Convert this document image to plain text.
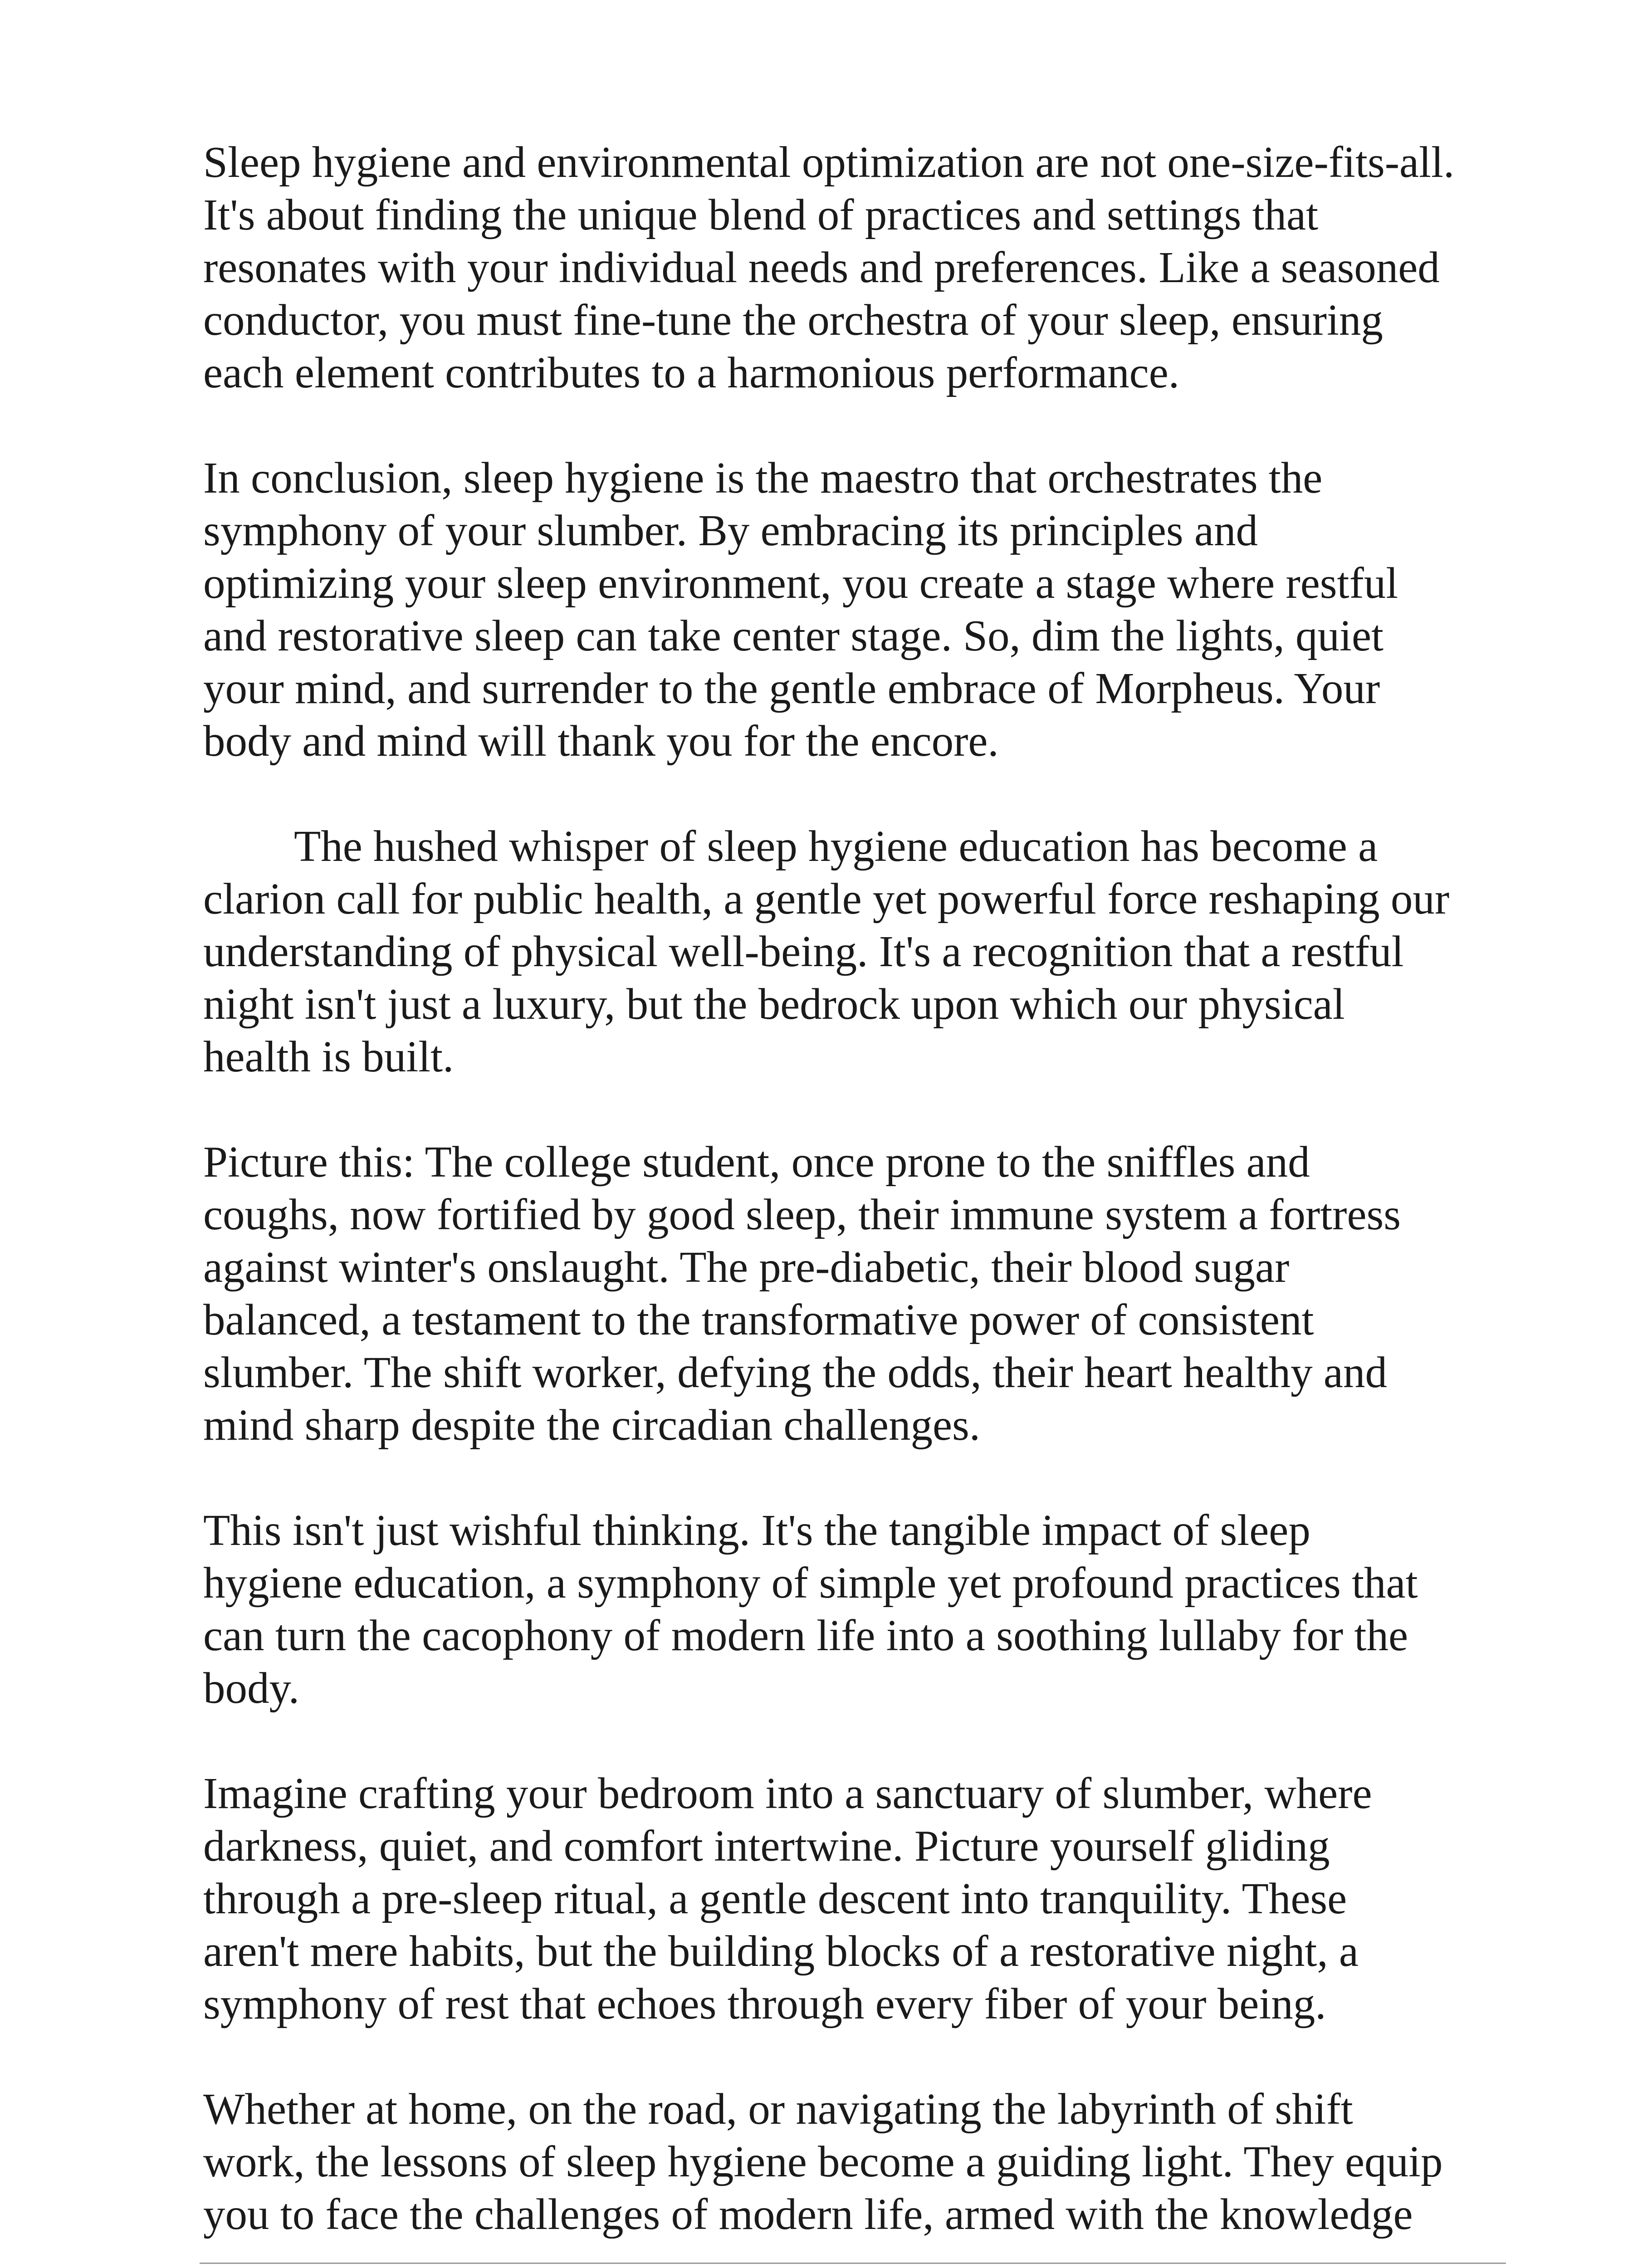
Sleep hygiene and environmental optimization are not one-size-fits-all.
It's about finding the unique blend of practices and settings that
resonates with your individual needs and preferences. Like a seasoned
conductor, you must fine-tune the orchestra of your sleep, ensuring
each element contributes to a harmonious performance.

In conclusion, sleep hygiene is the maestro that orchestrates the
symphony of your slumber. By embracing its principles and
optimizing your sleep environment, you create a stage where restful
and restorative sleep can take center stage. So, dim the lights, quiet
your mind, and surrender to the gentle embrace of Morpheus. Your
body and mind will thank you for the encore.

The hushed whisper of sleep hygiene education has become a
clarion call for public health, a gentle yet powerful force reshaping our
understanding of physical well-being. It's a recognition that a restful
night isn't just a luxury, but the bedrock upon which our physical
health is built.

Picture this: The college student, once prone to the sniffles and
coughs, now fortified by good sleep, their immune system a fortress
against winter's onslaught. The pre-diabetic, their blood sugar
balanced, a testament to the transformative power of consistent
slumber. The shift worker, defying the odds, their heart healthy and
mind sharp despite the circadian challenges.

This isn't just wishful thinking. It's the tangible impact of sleep
hygiene education, a symphony of simple yet profound practices that
can turn the cacophony of modern life into a soothing lullaby for the
body.

Imagine crafting your bedroom into a sanctuary of slumber, where
darkness, quiet, and comfort intertwine. Picture yourself gliding
through a pre-sleep ritual, a gentle descent into tranquility. These
aren't mere habits, but the building blocks of a restorative night, a
symphony of rest that echoes through every fiber of your being.

Whether at home, on the road, or navigating the labyrinth of shift
work, the lessons of sleep hygiene become a guiding light. They equip
you to face the challenges of modern life, armed with the knowledge
